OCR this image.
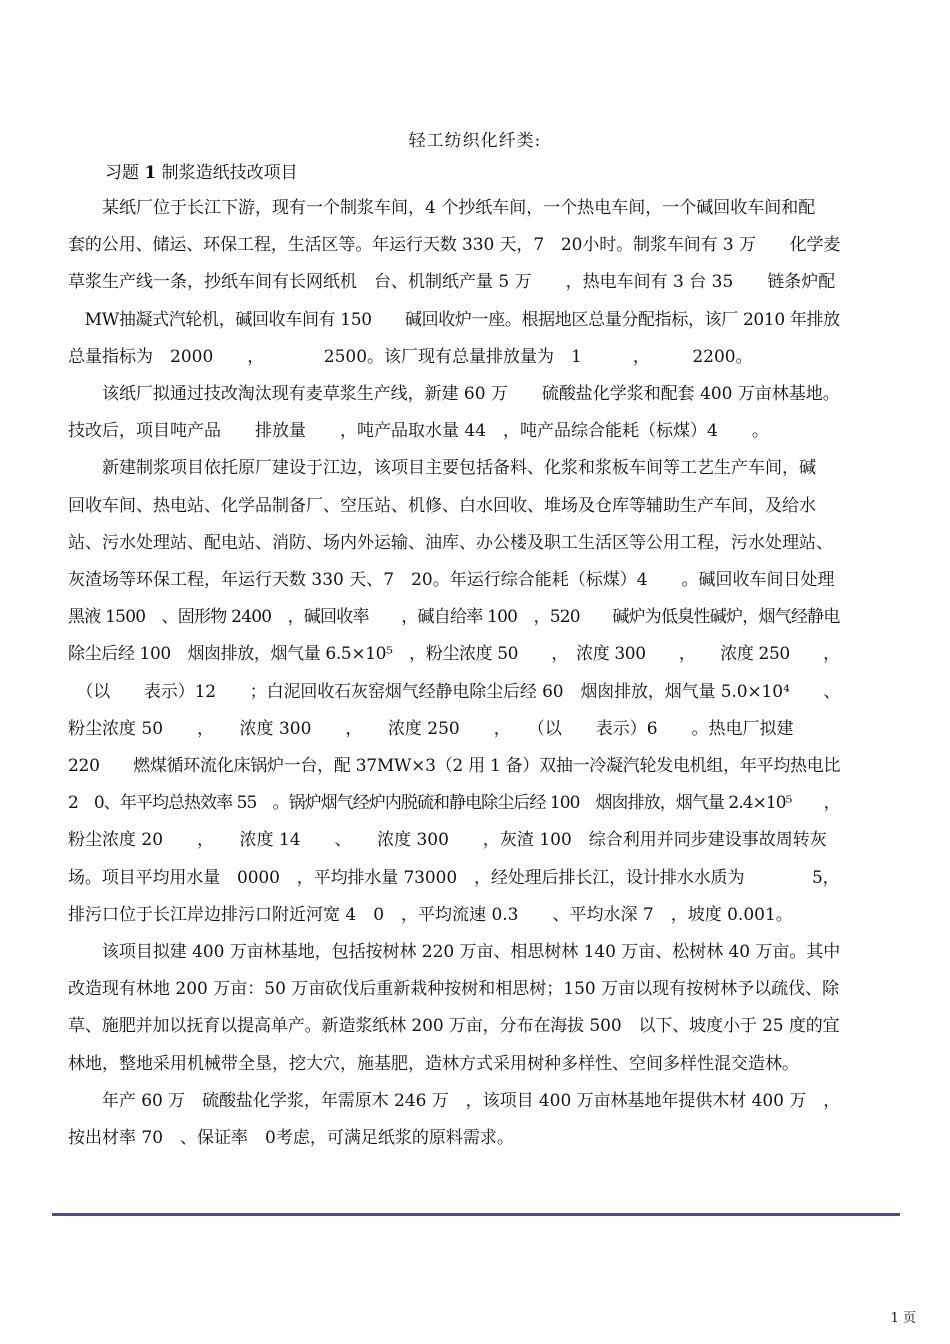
轻工纺织化纤类:
习题 1 制浆造纸技改项目
　　某纸厂位于长江下游，现有一个制浆车间，4 个抄纸车间，一个热电车间，一个碱回收车间和配
套的公用、储运、环保工程，生活区等。年运行天数 330 天，7　20小时。制浆车间有 3 万　　化学麦
草浆生产线一条，抄纸车间有长网纸机　台、机制纸产量 5 万　　，热电车间有 3 台 35　　链条炉配
　MW抽凝式汽轮机，碱回收车间有 150　　碱回收炉一座。根据地区总量分配指标，该厂 2010 年排放
总量指标为　2000　　，　　　　2500。该厂现有总量排放量为　1　　　，　　　2200。
　　该纸厂拟通过技改淘汰现有麦草浆生产线，新建 60 万　　硫酸盐化学浆和配套 400 万亩林基地。
技改后，项目吨产品　　排放量　　，吨产品取水量 44　，吨产品综合能耗（标煤）4　　。
　　新建制浆项目依托原厂建设于江边，该项目主要包括备料、化浆和浆板车间等工艺生产车间，碱
回收车间、热电站、化学品制备厂、空压站、机修、白水回收、堆场及仓库等辅助生产车间，及给水
站、污水处理站、配电站、消防、场内外运输、油库、办公楼及职工生活区等公用工程，污水处理站、
灰渣场等环保工程，年运行天数 330 天、7　20。年运行综合能耗（标煤）4　　。碱回收车间日处理
黑液 1500　、固形物 2400　，碱回收率　　，碱自给率 100　，520　　碱炉为低臭性碱炉，烟气经静电
除尘后经 100　烟囱排放，烟气量 6.5×10⁵　，粉尘浓度 50　　，　浓度 300　　，　　浓度 250　　，
　（以　　表示）12　　；白泥回收石灰窑烟气经静电除尘后经 60　烟囱排放，烟气量 5.0×10⁴　　、
粉尘浓度 50　　，　　浓度 300　　，　　浓度 250　　，　　（以　　表示）6　　。热电厂拟建
220　　燃煤循环流化床锅炉一台，配 37MW×3（2 用 1 备）双抽一冷凝汽轮发电机组，年平均热电比
2　0、年平均总热效率 55　。锅炉烟气经炉内脱硫和静电除尘后经 100　烟囱排放，烟气量 2.4×10⁵　　，
粉尘浓度 20　　，　　浓度 14　　、　　浓度 300　　，灰渣 100　综合利用并同步建设事故周转灰
场。项目平均用水量　0000　，平均排水量 73000　，经处理后排长江，设计排水水质为　　　　5，
排污口位于长江岸边排污口附近河宽 4　0　，平均流速 0.3　　、平均水深 7　，坡度 0.001。
　　该项目拟建 400 万亩林基地，包括按树林 220 万亩、相思树林 140 万亩、松树林 40 万亩。其中
改造现有林地 200 万亩：50 万亩砍伐后重新栽种按树和相思树；150 万亩以现有按树林予以疏伐、除
草、施肥并加以抚育以提高单产。新造浆纸林 200 万亩，分布在海拔 500　以下、坡度小于 25 度的宜
林地，整地采用机械带全垦，挖大穴，施基肥，造林方式采用树种多样性、空间多样性混交造林。
　　年产 60 万　硫酸盐化学浆，年需原木 246 万　，该项目 400 万亩林基地年提供木材 400 万　，
按出材率 70　、保证率　0考虑，可满足纸浆的原料需求。
1 页
